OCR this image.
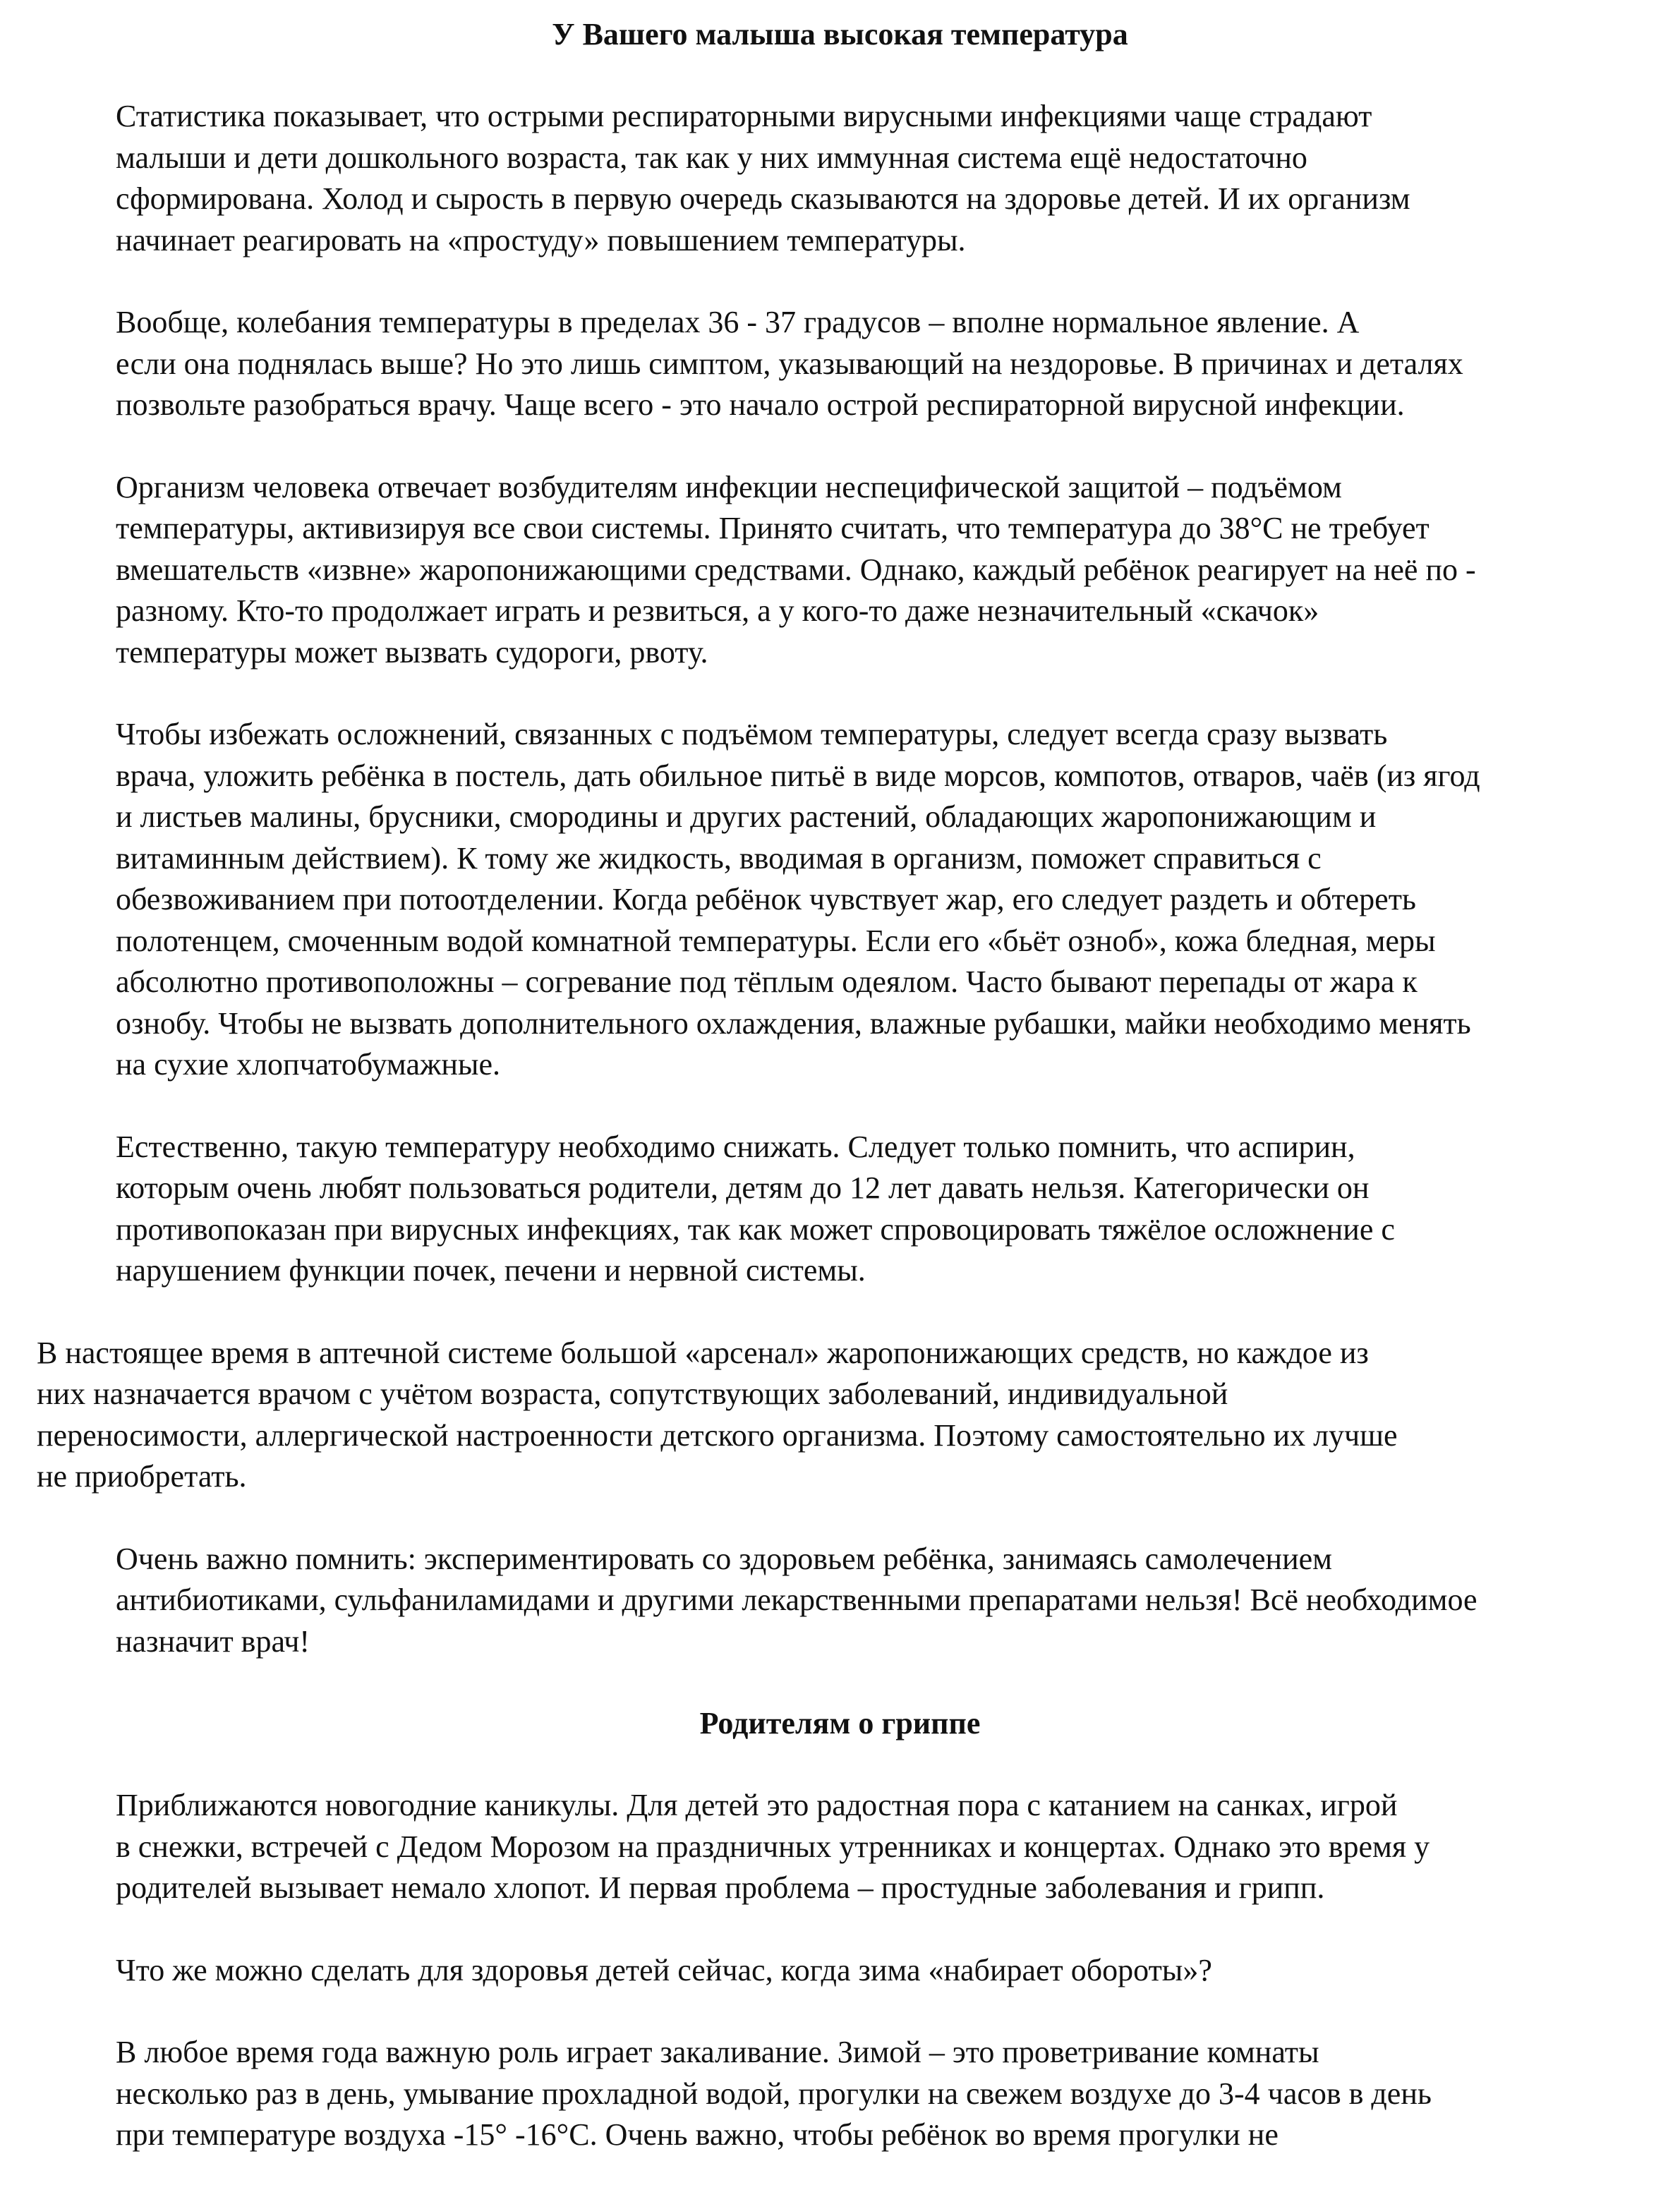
У Вашего малыша высокая температура

Статистика показывает, что острыми респираторными вирусными инфекциями чаще страдают
малыши и дети дошкольного возраста, так как у них иммунная система ещё недостаточно
сформирована. Холод и сырость в первую очередь сказываются на здоровье детей. И их организм
начинает реагировать на «простуду» повышением температуры.

Вообще, колебания температуры в пределах 36 - 37 градусов – вполне нормальное явление. А
если она поднялась выше? Но это лишь симптом, указывающий на нездоровье. В причинах и деталях
позвольте разобраться врачу. Чаще всего - это начало острой респираторной вирусной инфекции.

Организм человека отвечает возбудителям инфекции неспецифической защитой – подъёмом
температуры, активизируя все свои системы. Принято считать, что температура до 38°С не требует
вмешательств «извне» жаропонижающими средствами. Однако, каждый ребёнок реагирует на неё по -
разному. Кто-то продолжает играть и резвиться, а у кого-то даже незначительный «скачок»
температуры может вызвать судороги, рвоту.

Чтобы избежать осложнений, связанных с подъёмом температуры, следует всегда сразу вызвать
врача, уложить ребёнка в постель, дать обильное питьё в виде морсов, компотов, отваров, чаёв (из ягод
и листьев малины, брусники, смородины и других растений, обладающих жаропонижающим и
витаминным действием). К тому же жидкость, вводимая в организм, поможет справиться с
обезвоживанием при потоотделении. Когда ребёнок чувствует жар, его следует раздеть и обтереть
полотенцем, смоченным водой комнатной температуры. Если его «бьёт озноб», кожа бледная, меры
абсолютно противоположны – согревание под тёплым одеялом. Часто бывают перепады от жара к
ознобу. Чтобы не вызвать дополнительного охлаждения, влажные рубашки, майки необходимо менять
на сухие хлопчатобумажные.

Естественно, такую температуру необходимо снижать. Следует только помнить, что аспирин,
которым очень любят пользоваться родители, детям до 12 лет давать нельзя. Категорически он
противопоказан при вирусных инфекциях, так как может спровоцировать тяжёлое осложнение с
нарушением функции почек, печени и нервной системы.

В настоящее время в аптечной системе большой «арсенал» жаропонижающих средств, но каждое из
них назначается врачом с учётом возраста, сопутствующих заболеваний, индивидуальной
переносимости, аллергической настроенности детского организма. Поэтому самостоятельно их лучше
не приобретать.

Очень важно помнить: экспериментировать со здоровьем ребёнка, занимаясь самолечением
антибиотиками, сульфаниламидами и другими лекарственными препаратами нельзя! Всё необходимое
назначит врач!

Родителям о гриппе

Приближаются новогодние каникулы. Для детей это радостная пора с катанием на санках, игрой
в снежки, встречей с Дедом Морозом на праздничных утренниках и концертах. Однако это время у
родителей вызывает немало хлопот. И первая проблема – простудные заболевания и грипп.

Что же можно сделать для здоровья детей сейчас, когда зима «набирает обороты»?

В любое время года важную роль играет закаливание. Зимой – это проветривание комнаты
несколько раз в день, умывание прохладной водой, прогулки на свежем воздухе до 3-4 часов в день
при температуре воздуха -15° -16°С. Очень важно, чтобы ребёнок во время прогулки не
